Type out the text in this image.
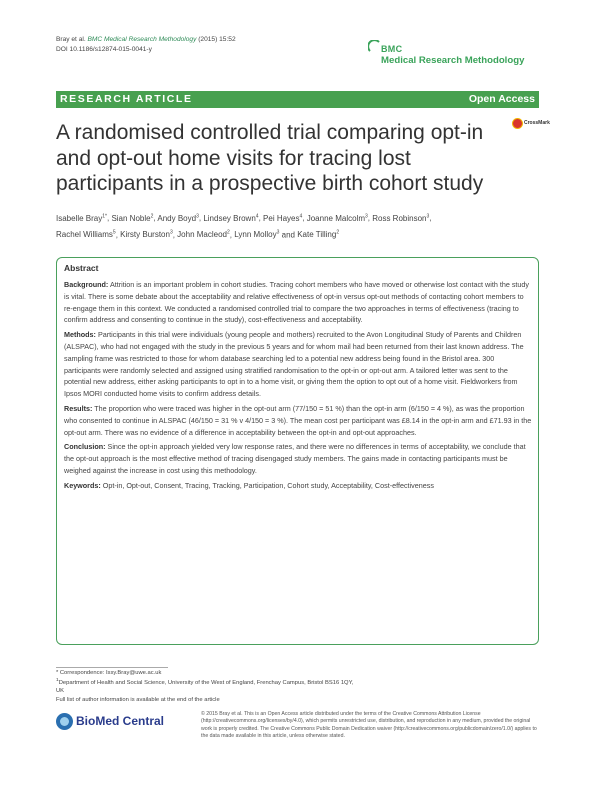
Bray et al. BMC Medical Research Methodology (2015) 15:52
DOI 10.1186/s12874-015-0041-y	BMC
Medical Research Methodology
RESEARCH ARTICLE	Open Access
A randomised controlled trial comparing opt-in and opt-out home visits for tracing lost participants in a prospective birth cohort study
CrossMark
Isabelle Bray$^{1*}$, Sian Noble$^2$, Andy Boyd$^3$, Lindsey Brown$^4$, Pei Hayes$^4$, Joanne Malcolm$^3$, Ross Robinson$^3$,
Rachel Williams$^5$, Kirsty Burston$^3$, John Macleod$^2$, Lynn Molloy$^3$ and Kate Tilling$^2$
Abstract

Background: Attrition is an important problem in cohort studies. Tracing cohort members who have moved or otherwise lost contact with the study is vital. There is some debate about the acceptability and relative effectiveness of opt-in versus opt-out methods of contacting cohort members to re-engage them in this context. We conducted a randomised controlled trial to compare the two approaches in terms of effectiveness (tracing to confirm address and consenting to continue in the study), cost-effectiveness and acceptability.

Methods: Participants in this trial were individuals (young people and mothers) recruited to the Avon Longitudinal Study of Parents and Children (ALSPAC), who had not engaged with the study in the previous 5 years and for whom mail had been returned from their last known address. The sampling frame was restricted to those for whom database searching led to a potential new address being found in the Bristol area. 300 participants were randomly selected and assigned using stratified randomisation to the opt-in or opt-out arm. A tailored letter was sent to the potential new address, either asking participants to opt in to a home visit, or giving them the option to opt out of a home visit. Fieldworkers from Ipsos MORI conducted home visits to confirm address details.

Results: The proportion who were traced was higher in the opt-out arm (77/150 = 51 %) than the opt-in arm (6/150 = 4 %), as was the proportion who consented to continue in ALSPAC (46/150 = 31 % v 4/150 = 3 %). The mean cost per participant was £8.14 in the opt-in arm and £71.93 in the opt-out arm. There was no evidence of a difference in acceptability between the opt-in and opt-out approaches.

Conclusion: Since the opt-in approach yielded very low response rates, and there were no differences in terms of acceptability, we conclude that the opt-out approach is the most effective method of tracing disengaged study members. The gains made in contacting participants must be weighed against the increase in cost using this methodology.

Keywords: Opt-in, Opt-out, Consent, Tracing, Tracking, Participation, Cohort study, Acceptability, Cost-effectiveness

* Correspondence: Issy.Bray@uwe.ac.uk
$^1$Department of Health and Social Science, University of the West of England, Frenchay Campus, Bristol BS16 1QY, UK
Full list of author information is available at the end of the article
BioMed Central	© 2015 Bray et al. This is an Open Access article distributed under the terms of the Creative Commons Attribution License (http://creativecommons.org/licenses/by/4.0), which permits unrestricted use, distribution, and reproduction in any medium, provided the original work is properly credited. The Creative Commons Public Domain Dedication waiver (http://creativecommons.org/publicdomain/zero/1.0/) applies to the data made available in this article, unless otherwise stated.
